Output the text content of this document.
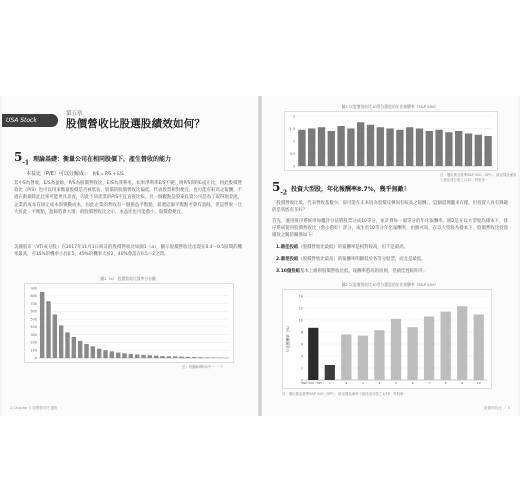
USA Stock
第五章
股價營收比股選股績效如何？
$5_{-1}$
理論基礎：衡量公司在相同股價下，產生營收的能力
本益比（P/E）可以分解成： P/E = P/S ÷ E/S
其中S為營收，E/S為盈餘，P/S為股價營收比，E/S為淨利率。如果淨利率E/S不變，則P/S與P/E成正比，因此股價營收比（P/S）也可以用來衡量股價是否被低估。股價的股價營收比偏低，代表股票相對便宜，也可能有較高之報酬，不過在虧損時此比率可能更具意義，因此不同產業的P/S不宜直接比較。另一個觀點是股東投資公司是為了取得現金流，企業的成本有固定成本與變動成本，因此企業的營收有一個損益平衡點，超過這個平衡點才會有盈餘，但是營收一旦大於此一平衡點，盈餘將會大增，故股價營收比之小，本益比也可能愈小，股價愈便宜。
美國股市（VTI成分股）在2017年11月1日統計的股價營收比如圖1（a），顯示股價營收比出現在0.4～0.5區間的機率最高，有15%的機率小於0.5，45%的機率大於2，40%會落在0.5～2之間。
圖1（a） 股價營收比頻率分布圖
900
800
700
600
500
400
300
200
100
0
註：相關解釋P/S中~~~下
2 Chapter 5 股價營收比選股
圖2 以股價營收比10等分選股的年化報酬率（S&P 500）
2
1.5
1
0.5
0
註：選出樣品基準S&P 500（SPY）；最佳樣品係第十最佳成分股之1/10：每股第~
$5_{-2}$
投資大型股，年化報酬率8.7%，幾乎無敵！
「股價營收比低，代表營收基數少，卻可能在未來因為股價反彈而有較高之報酬」，這個道理聽來有理，但投資人真有興趣的是到底有多好？
首先，運用排序系統用加權評分法將股票分成10等分，並計算每一個等分的年化報酬率，圖2是在以大型股為樣本下，排序系統使用股價營收比（愈小愈好）評分，或生於10等分年化報酬率，由圖可知，在以大型股為樣本下，股價營收比投資績效之關的關係如下：
1.最佳投組（股價營收比最低）的報酬率是相對較高，但不是最高。
2.最差投組（股價營收比最高）的報酬率明顯低於各等分股票，而且是最低。
3.10個投組基本上維則股價營收比低，報酬率愈高的原則，但績佳性較明升。
圖2 以股價營收比10等分選股的年化報酬率（S&P 500）
14
12
10
8
6
4
2
0
S&P 500（SPY） 1	2	3	4	5	6	7	8	9	10
年化報酬率（%）
註：選出樣品基準S&P 500（SPY）；最佳樣品係第十最佳成分股之1/10：每股第~
股價營收比 ／ 5
